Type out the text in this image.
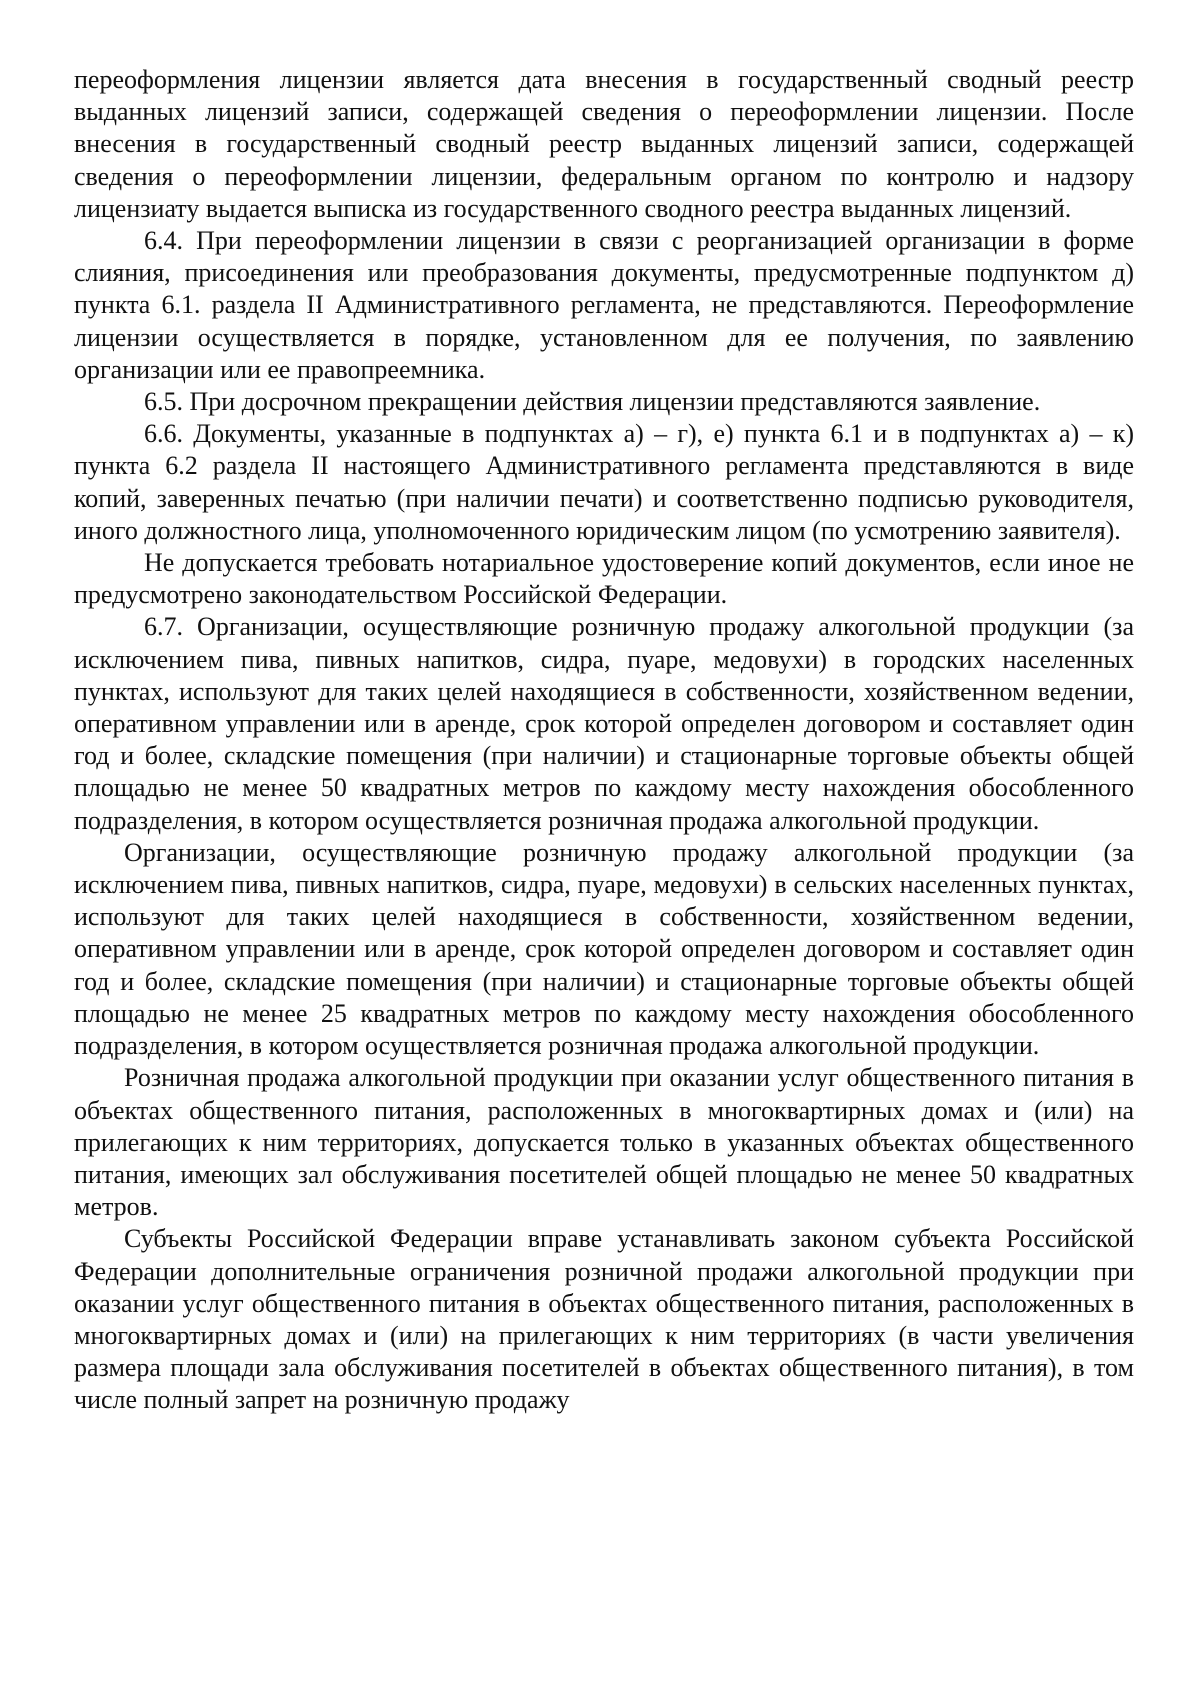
переоформления лицензии является дата внесения в государственный сводный реестр выданных лицензий записи, содержащей сведения о переоформлении лицензии. После внесения в государственный сводный реестр выданных лицензий записи, содержащей сведения о переоформлении лицензии, федеральным органом по контролю и надзору лицензиату выдается выписка из государственного сводного реестра выданных лицензий.

6.4. При переоформлении лицензии в связи с реорганизацией организации в форме слияния, присоединения или преобразования документы, предусмотренные подпунктом д) пункта 6.1. раздела II Административного регламента, не представляются. Переоформление лицензии осуществляется в порядке, установленном для ее получения, по заявлению организации или ее правопреемника.

6.5. При досрочном прекращении действия лицензии представляются заявление.

6.6. Документы, указанные в подпунктах а) – г), е) пункта 6.1 и в подпунктах а) – к) пункта 6.2 раздела II настоящего Административного регламента представляются в виде копий, заверенных печатью (при наличии печати) и соответственно подписью руководителя, иного должностного лица, уполномоченного юридическим лицом (по усмотрению заявителя).

Не допускается требовать нотариальное удостоверение копий документов, если иное не предусмотрено законодательством Российской Федерации.

6.7. Организации, осуществляющие розничную продажу алкогольной продукции (за исключением пива, пивных напитков, сидра, пуаре, медовухи) в городских населенных пунктах, используют для таких целей находящиеся в собственности, хозяйственном ведении, оперативном управлении или в аренде, срок которой определен договором и составляет один год и более, складские помещения (при наличии) и стационарные торговые объекты общей площадью не менее 50 квадратных метров по каждому месту нахождения обособленного подразделения, в котором осуществляется розничная продажа алкогольной продукции.

Организации, осуществляющие розничную продажу алкогольной продукции (за исключением пива, пивных напитков, сидра, пуаре, медовухи) в сельских населенных пунктах, используют для таких целей находящиеся в собственности, хозяйственном ведении, оперативном управлении или в аренде, срок которой определен договором и составляет один год и более, складские помещения (при наличии) и стационарные торговые объекты общей площадью не менее 25 квадратных метров по каждому месту нахождения обособленного подразделения, в котором осуществляется розничная продажа алкогольной продукции.

Розничная продажа алкогольной продукции при оказании услуг общественного питания в объектах общественного питания, расположенных в многоквартирных домах и (или) на прилегающих к ним территориях, допускается только в указанных объектах общественного питания, имеющих зал обслуживания посетителей общей площадью не менее 50 квадратных метров.

Субъекты Российской Федерации вправе устанавливать законом субъекта Российской Федерации дополнительные ограничения розничной продажи алкогольной продукции при оказании услуг общественного питания в объектах общественного питания, расположенных в многоквартирных домах и (или) на прилегающих к ним территориях (в части увеличения размера площади зала обслуживания посетителей в объектах общественного питания), в том числе полный запрет на розничную продажу
